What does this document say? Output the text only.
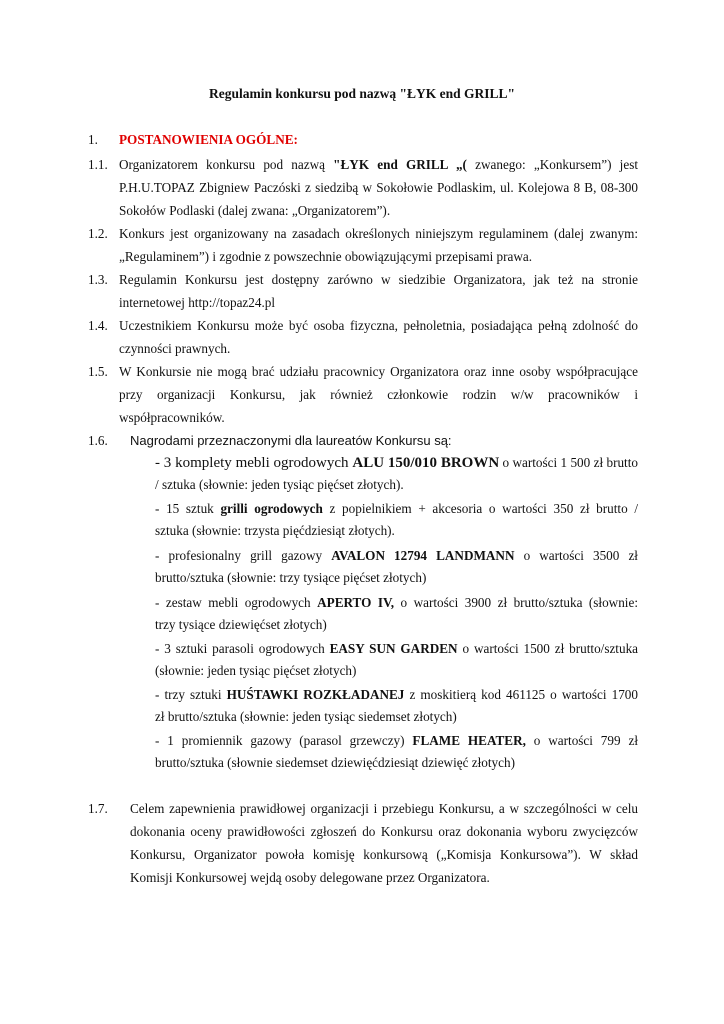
Regulamin konkursu pod nazwą "ŁYK end GRILL"
1. POSTANOWIENIA OGÓLNE:
1.1. Organizatorem konkursu pod nazwą "ŁYK end GRILL „( zwanego: „Konkursem”) jest
P.H.U.TOPAZ Zbigniew Paczóski z siedzibą w Sokołowie Podlaskim, ul. Kolejowa 8 B, 08-300
Sokołów Podlaski (dalej zwana: „Organizatorem”).
1.2. Konkurs jest organizowany na zasadach określonych niniejszym regulaminem (dalej zwanym:
„Regulaminem”) i zgodnie z powszechnie obowiązującymi przepisami prawa.
1.3. Regulamin Konkursu jest dostępny zarówno w siedzibie Organizatora, jak też na stronie
internetowej http://topaz24.pl
1.4. Uczestnikiem Konkursu może być osoba fizyczna, pełnoletnia, posiadająca pełną zdolność do
czynności prawnych.
1.5. W Konkursie nie mogą brać udziału pracownicy Organizatora oraz inne osoby współpracujące
przy organizacji Konkursu, jak również członkowie rodzin w/w pracowników i
współpracowników.
1.6. Nagrodami przeznaczonymi dla laureatów Konkursu są:
- 3 komplety mebli ogrodowych ALU 150/010 BROWN o wartości 1 500 zł brutto
/ sztuka (słownie: jeden tysiąc pięćset złotych).
- 15 sztuk grilli ogrodowych z popielnikiem + akcesoria o wartości 350 zł brutto /
sztuka (słownie: trzysta pięćdziesiąt złotych).
- profesionalny grill gazowy AVALON 12794 LANDMANN o wartości 3500 zł
brutto/sztuka (słownie: trzy tysiące pięćset złotych)
- zestaw mebli ogrodowych APERTO IV, o wartości 3900 zł brutto/sztuka (słownie:
trzy tysiące dziewięćset złotych)
- 3 sztuki parasoli ogrodowych EASY SUN GARDEN o wartości 1500 zł brutto/sztuka
(słownie: jeden tysiąc pięćset złotych)
- trzy sztuki HUŚTAWKI ROZKŁADANEJ z moskitierą kod 461125 o wartości 1700
zł brutto/sztuka (słownie: jeden tysiąc siedemset złotych)
- 1 promiennik gazowy (parasol grzewczy) FLAME HEATER, o wartości 799 zł
brutto/sztuka (słownie siedemset dziewięćdziesiąt dziewięć złotych)
1.7. Celem zapewnienia prawidłowej organizacji i przebiegu Konkursu, a w szczególności w celu
dokonania oceny prawidłowości zgłoszeń do Konkursu oraz dokonania wyboru zwycięzców
Konkursu, Organizator powoła komisję konkursową („Komisja Konkursowa”). W skład
Komisji Konkursowej wejdą osoby delegowane przez Organizatora.
